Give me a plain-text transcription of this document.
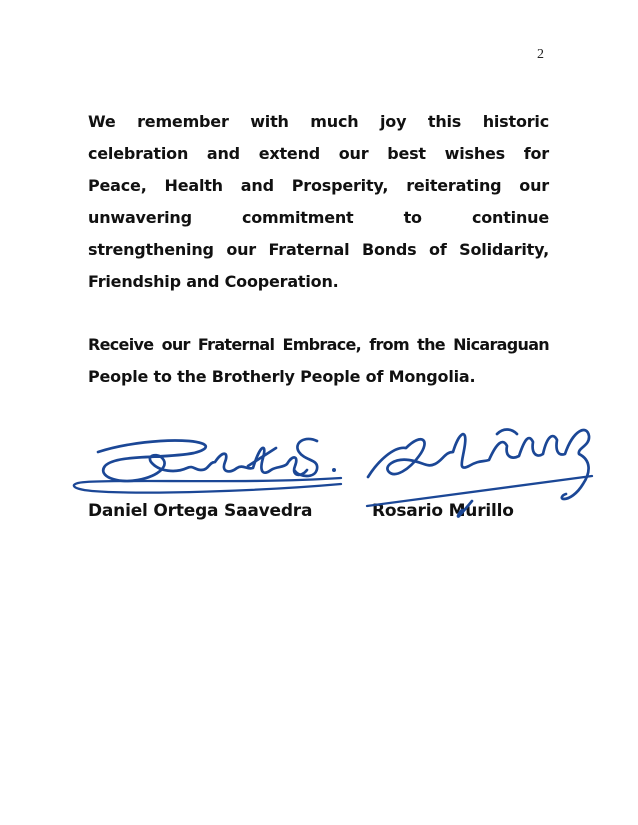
2
We remember with much joy this historic
celebration and extend our best wishes for
Peace, Health and Prosperity, reiterating our
unwavering commitment to continue
strengthening our Fraternal Bonds of Solidarity,
Friendship and Cooperation.
Receive our Fraternal Embrace, from the Nicaraguan
People to the Brotherly People of Mongolia.
Daniel Ortega Saavedra	Rosario Murillo
